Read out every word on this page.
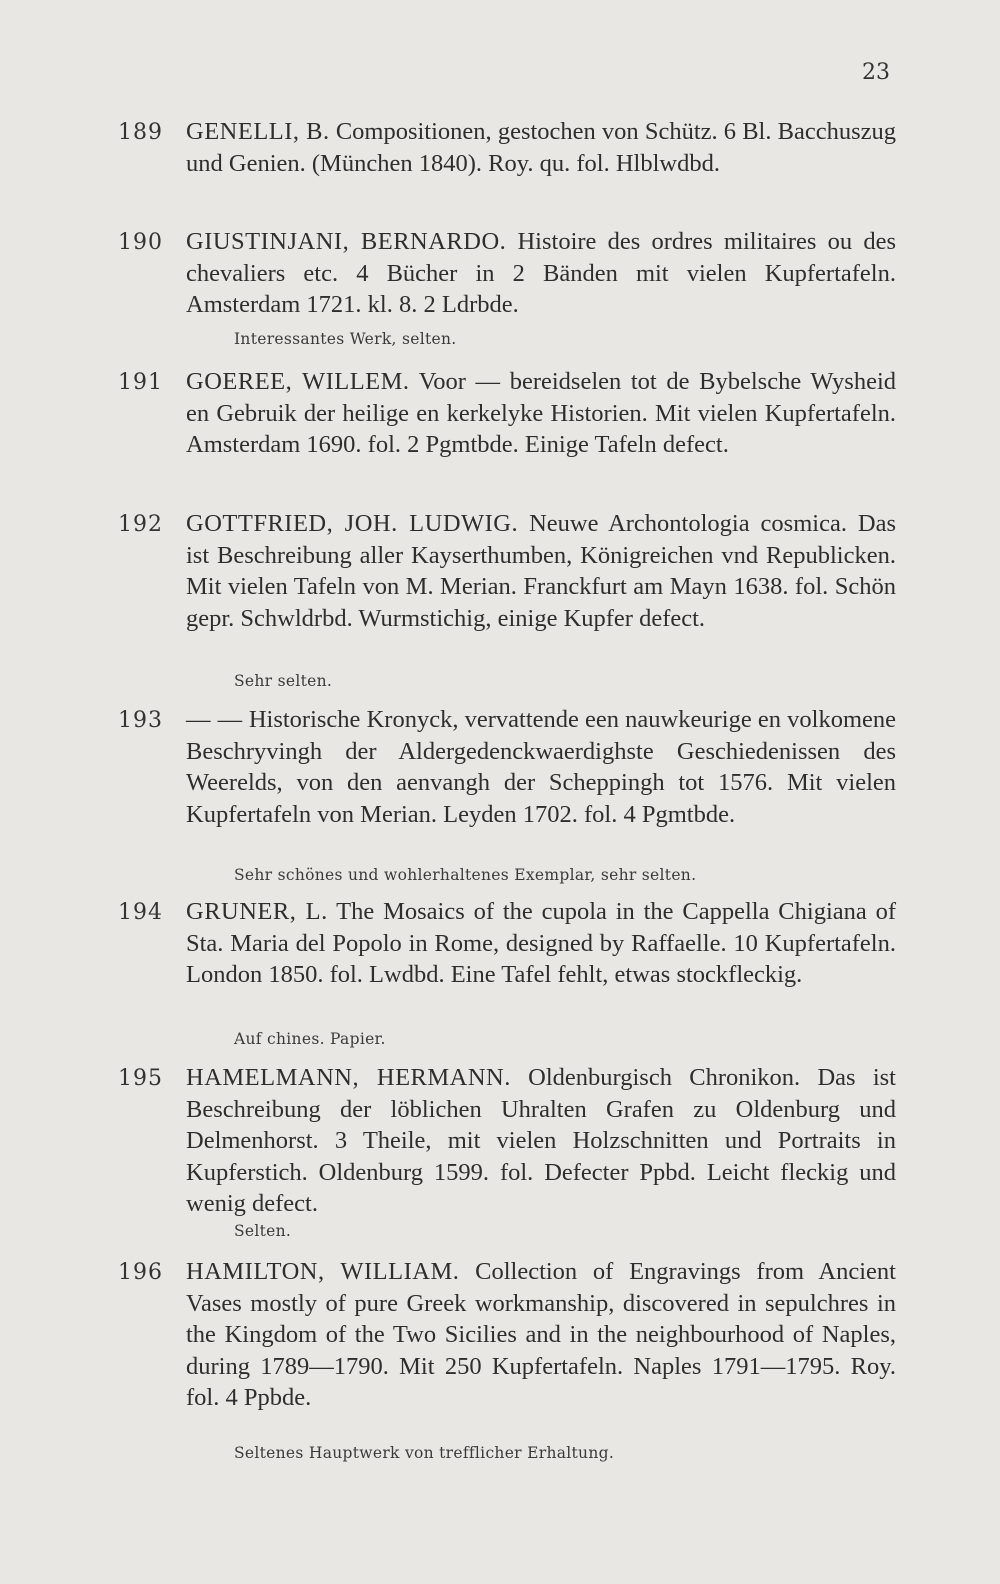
23
189 GENELLI, B. Compositionen, gestochen von Schütz. 6 Bl. Bacchuszug und Genien. (München 1840). Roy. qu. fol. Hlblwdbd.
190 GIUSTINJANI, BERNARDO. Histoire des ordres militaires ou des chevaliers etc. 4 Bücher in 2 Bänden mit vielen Kupfertafeln. Amsterdam 1721. kl. 8. 2 Ldrbde.
Interessantes Werk, selten.
191 GOEREE, WILLEM. Voor — bereidselen tot de Bybelsche Wysheid en Gebruik der heilige en kerkelyke Historien. Mit vielen Kupfertafeln. Amsterdam 1690. fol. 2 Pgmtbde. Einige Tafeln defect.
192 GOTTFRIED, JOH. LUDWIG. Neuwe Archontologia cosmica. Das ist Beschreibung aller Kayserthumben, Königreichen vnd Republicken. Mit vielen Tafeln von M. Merian. Franckfurt am Mayn 1638. fol. Schön gepr. Schwldrbd. Wurmstichig, einige Kupfer defect.
Sehr selten.
193 — — Historische Kronyck, vervattende een nauwkeurige en volkomene Beschryvingh der Aldergedenckwaerdighste Geschiedenissen des Weerelds, von den aenvangh der Scheppingh tot 1576. Mit vielen Kupfertafeln von Merian. Leyden 1702. fol. 4 Pgmtbde.
Sehr schönes und wohlerhaltenes Exemplar, sehr selten.
194 GRUNER, L. The Mosaics of the cupola in the Cappella Chigiana of Sta. Maria del Popolo in Rome, designed by Raffaelle. 10 Kupfertafeln. London 1850. fol. Lwdbd. Eine Tafel fehlt, etwas stockfleckig.
Auf chines. Papier.
195 HAMELMANN, HERMANN. Oldenburgisch Chronikon. Das ist Beschreibung der löblichen Uhralten Grafen zu Oldenburg und Delmenhorst. 3 Theile, mit vielen Holzschnitten und Portraits in Kupferstich. Oldenburg 1599. fol. Defecter Ppbd. Leicht fleckig und wenig defect.
Selten.
196 HAMILTON, WILLIAM. Collection of Engravings from Ancient Vases mostly of pure Greek workmanship, discovered in sepulchres in the Kingdom of the Two Sicilies and in the neighbourhood of Naples, during 1789—1790. Mit 250 Kupfertafeln. Naples 1791—1795. Roy. fol. 4 Ppbde.
Seltenes Hauptwerk von trefflicher Erhaltung.
